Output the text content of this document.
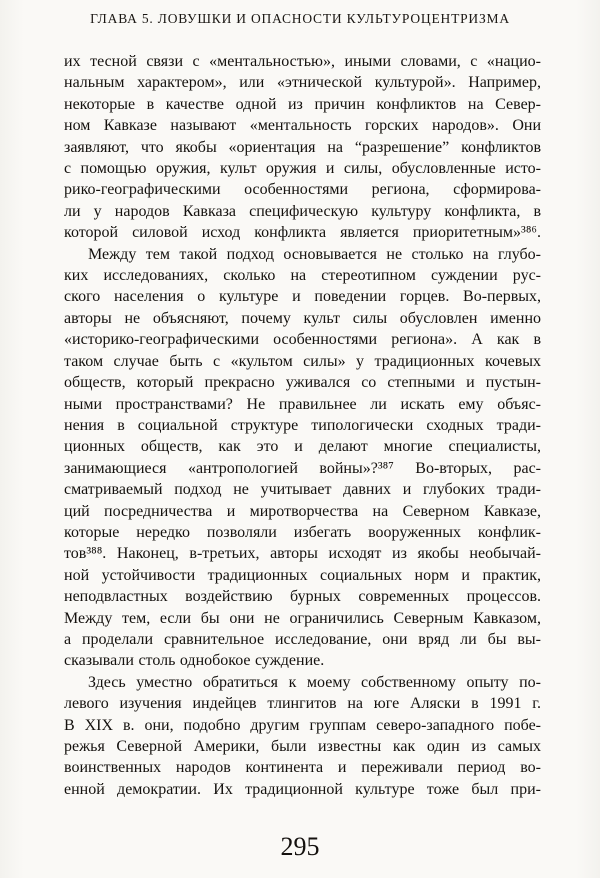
ГЛАВА 5. ЛОВУШКИ И ОПАСНОСТИ КУЛЬТУРОЦЕНТРИЗМА
их тесной связи с «ментальностью», иными словами, с «нацио-
нальным характером», или «этнической культурой». Например,
некоторые в качестве одной из причин конфликтов на Север-
ном Кавказе называют «ментальность горских народов». Они
заявляют, что якобы «ориентация на “разрешение” конфликтов
с помощью оружия, культ оружия и силы, обусловленные исто-
рико-географическими особенностями региона, сформирова-
ли у народов Кавказа специфическую культуру конфликта, в
которой силовой исход конфликта является приоритетным»³⁸⁶.
Между тем такой подход основывается не столько на глубо-
ких исследованиях, сколько на стереотипном суждении рус-
ского населения о культуре и поведении горцев. Во-первых,
авторы не объясняют, почему культ силы обусловлен именно
«историко-географическими особенностями региона». А как в
таком случае быть с «культом силы» у традиционных кочевых
обществ, который прекрасно уживался со степными и пустын-
ными пространствами? Не правильнее ли искать ему объяс-
нения в социальной структуре типологически сходных тради-
ционных обществ, как это и делают многие специалисты,
занимающиеся «антропологией войны»?³⁸⁷ Во-вторых, рас-
сматриваемый подход не учитывает давних и глубоких тради-
ций посредничества и миротворчества на Северном Кавказе,
которые нередко позволяли избегать вооруженных конфлик-
тов³⁸⁸. Наконец, в-третьих, авторы исходят из якобы необычай-
ной устойчивости традиционных социальных норм и практик,
неподвластных воздействию бурных современных процессов.
Между тем, если бы они не ограничились Северным Кавказом,
а проделали сравнительное исследование, они вряд ли бы вы-
сказывали столь однобокое суждение.
Здесь уместно обратиться к моему собственному опыту по-
левого изучения индейцев тлингитов на юге Аляски в 1991 г.
В XIX в. они, подобно другим группам северо-западного побе-
режья Северной Америки, были известны как один из самых
воинственных народов континента и переживали период во-
енной демократии. Их традиционной культуре тоже был при-
295
